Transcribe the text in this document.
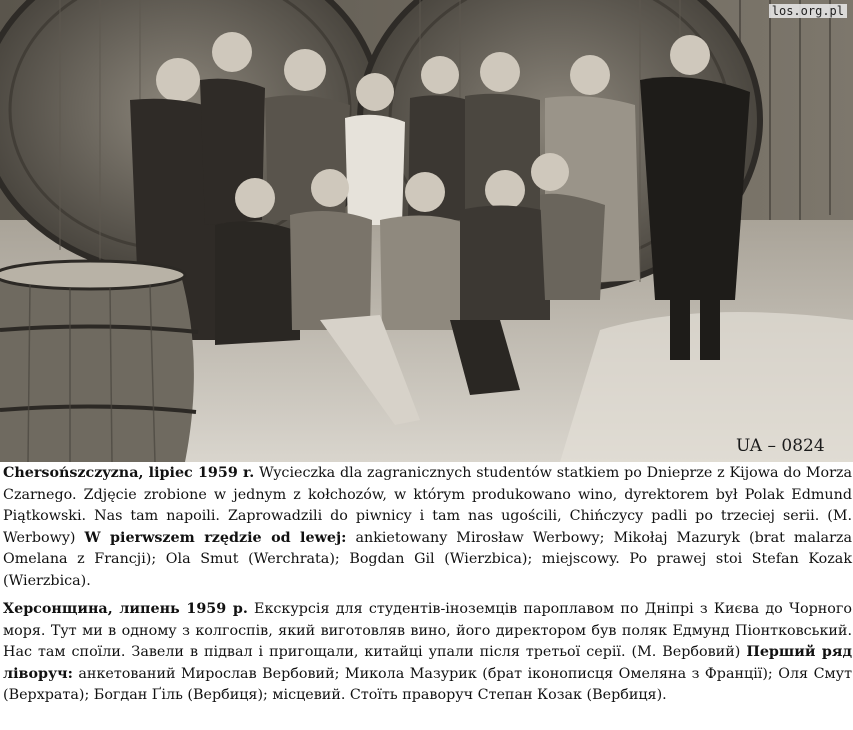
los.org.pl
UA – 0824

Chersońszczyzna, lipiec 1959 r. Wycieczka dla zagranicznych studentów statkiem po Dnieprze z Kijowa do Morza Czarnego. Zdjęcie zrobione w jednym z kołchozów, w którym produkowano wino, dyrektorem był Polak Edmund Piątkowski. Nas tam napoili. Zaprowadzili do piwnicy i tam nas ugościli, Chińczycy padli po trzeciej serii. (M. Werbowy) W pierwszem rzędzie od lewej: ankietowany Mirosław Werbowy; Mikołaj Mazuryk (brat malarza Omelana z Francji); Ola Smut (Werchrata); Bogdan Gil (Wierzbica); miejscowy. Po prawej stoi Stefan Kozak (Wierzbica).

Херсонщина, липень 1959 р. Екскурсія для студентів-іноземців пароплавом по Дніпрі з Києва до Чорного моря. Тут ми в одному з колгоспів, який виготовляв вино, його директором був поляк Едмунд Піонтковський. Нас там споїли. Завели в підвал і пригощали, китайці упали після третьої серії. (М. Вербовий) Перший ряд ліворуч: анкетований Мирослав Вербовий; Микола Мазурик (брат іконописця Омеляна з Франції); Оля Смут (Верхрата); Богдан Ґіль (Вербиця); місцевий. Стоїть праворуч Степан Козак (Вербиця).
